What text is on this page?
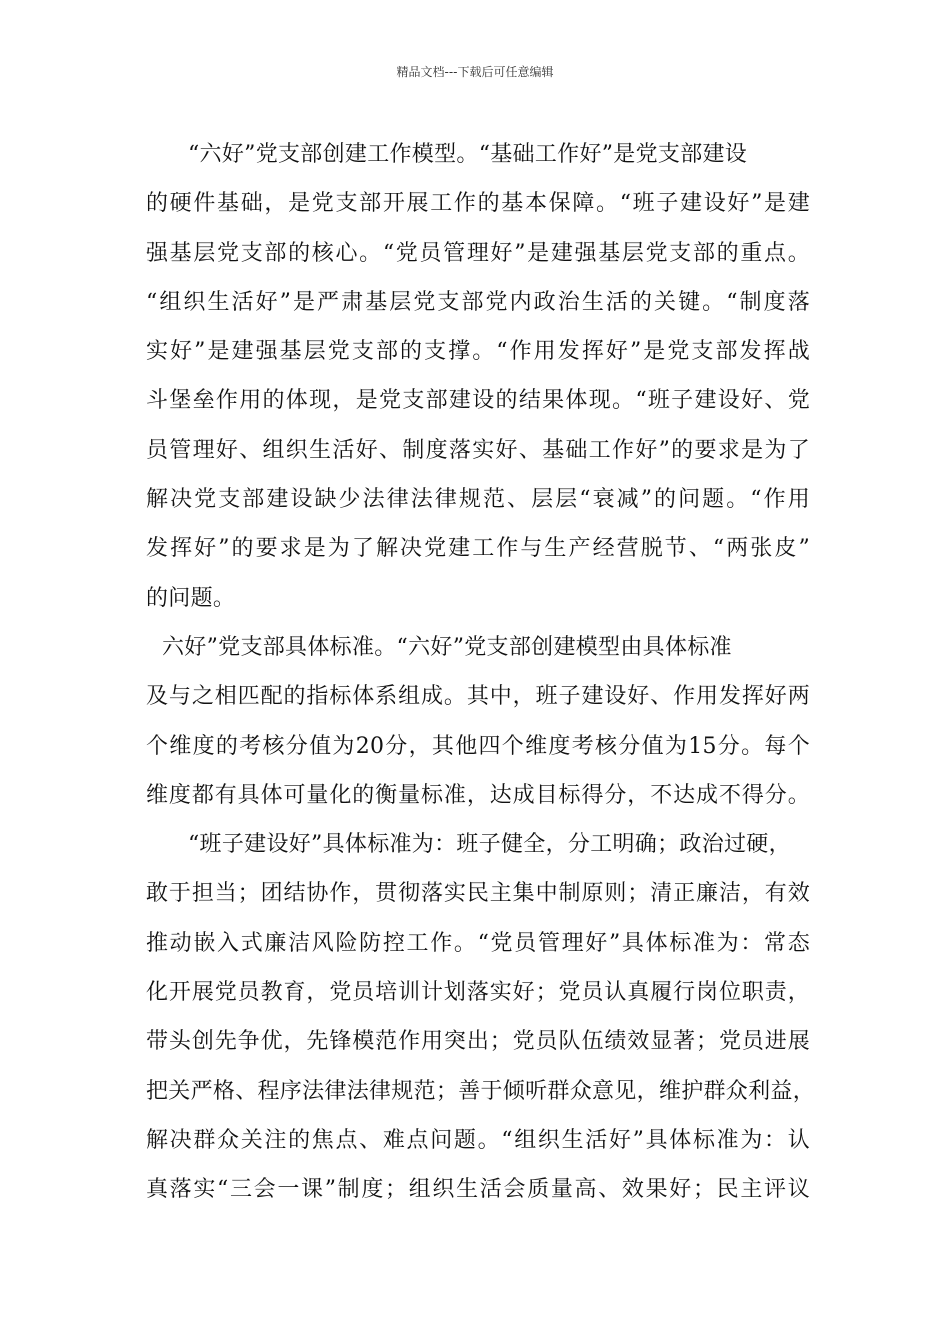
精品文档---下载后可任意编辑
“六好”党支部创建工作模型。“基础工作好”是党支部建设
的硬件基础，是党支部开展工作的基本保障。“班子建设好”是建
强基层党支部的核心。“党员管理好”是建强基层党支部的重点。
“组织生活好”是严肃基层党支部党内政治生活的关键。“制度落
实好”是建强基层党支部的支撑。“作用发挥好”是党支部发挥战
斗堡垒作用的体现，是党支部建设的结果体现。“班子建设好、党
员管理好、组织生活好、制度落实好、基础工作好”的要求是为了
解决党支部建设缺少法律法律规范、层层“衰减”的问题。“作用
发挥好”的要求是为了解决党建工作与生产经营脱节、“两张皮”
的问题。
六好”党支部具体标准。“六好”党支部创建模型由具体标准
及与之相匹配的指标体系组成。其中，班子建设好、作用发挥好两
个维度的考核分值为20分，其他四个维度考核分值为15分。每个
维度都有具体可量化的衡量标准，达成目标得分，不达成不得分。
“班子建设好”具体标准为：班子健全，分工明确；政治过硬，
敢于担当；团结协作，贯彻落实民主集中制原则；清正廉洁，有效
推动嵌入式廉洁风险防控工作。“党员管理好”具体标准为：常态
化开展党员教育，党员培训计划落实好；党员认真履行岗位职责，
带头创先争优，先锋模范作用突出；党员队伍绩效显著；党员进展
把关严格、程序法律法律规范；善于倾听群众意见，维护群众利益，
解决群众关注的焦点、难点问题。“组织生活好”具体标准为：认
真落实“三会一课”制度；组织生活会质量高、效果好；民主评议
